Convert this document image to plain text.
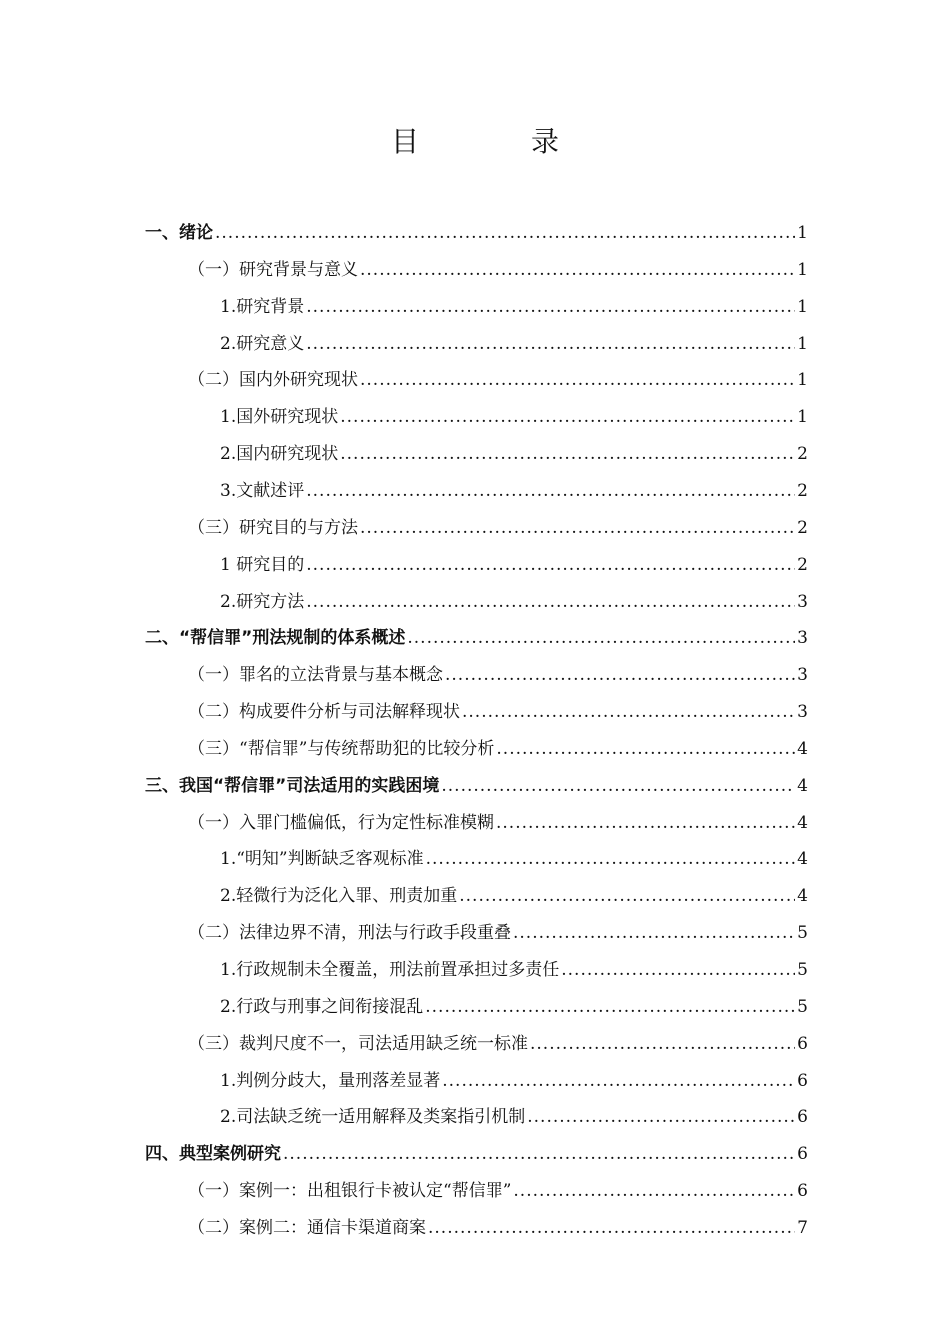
目　录
一、绪论 .....	1
（一）研究背景与意义 .....	1
1.研究背景 .....	1
2.研究意义 .....	1
（二）国内外研究现状 .....	1
1.国外研究现状 .....	1
2.国内研究现状 .....	2
3.文献述评 .....	2
（三）研究目的与方法 .....	2
1 研究目的 .....	2
2.研究方法 .....	3
二、“帮信罪”刑法规制的体系概述 .....	3
（一）罪名的立法背景与基本概念 .....	3
（二）构成要件分析与司法解释现状 .....	3
（三）“帮信罪”与传统帮助犯的比较分析 .....	4
三、我国“帮信罪”司法适用的实践困境 .....	4
（一）入罪门槛偏低，行为定性标准模糊 .....	4
1.“明知”判断缺乏客观标准 .....	4
2.轻微行为泛化入罪、刑责加重 .....	4
（二）法律边界不清，刑法与行政手段重叠 .....	5
1.行政规制未全覆盖，刑法前置承担过多责任 .....	5
2.行政与刑事之间衔接混乱 .....	5
（三）裁判尺度不一，司法适用缺乏统一标准 .....	6
1.判例分歧大，量刑落差显著 .....	6
2.司法缺乏统一适用解释及类案指引机制 .....	6
四、典型案例研究 .....	6
（一）案例一：出租银行卡被认定“帮信罪” .....	6
（二）案例二：通信卡渠道商案 .....	7
